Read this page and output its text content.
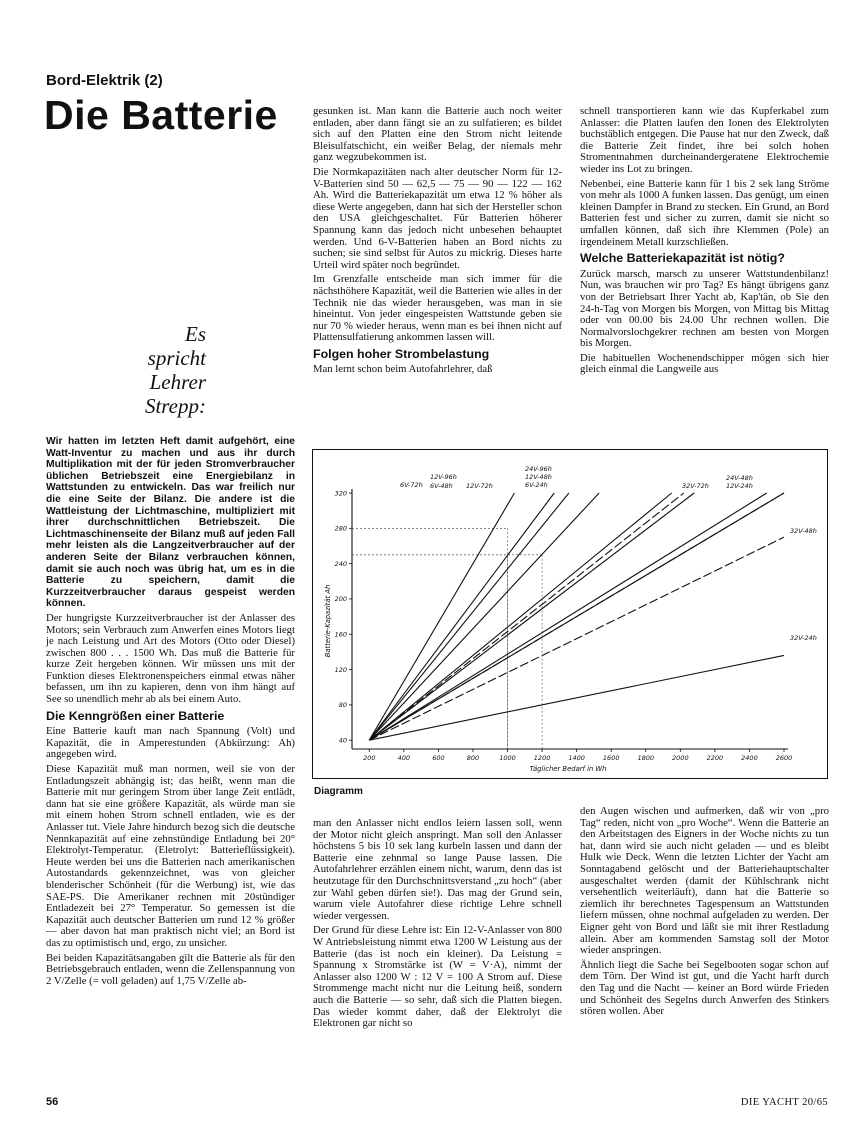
Bord-Elektrik (2)
Die Batterie
Es
spricht
Lehrer
Strepp:

Wir hatten im letzten Heft damit aufgehört, eine Watt-Inventur zu machen und aus ihr durch Multiplikation mit der für jeden Stromverbraucher üblichen Betriebszeit eine Energiebilanz in Wattstunden zu entwickeln. Das war freilich nur die eine Seite der Bilanz. Die andere ist die Wattleistung der Lichtmaschine, multipliziert mit ihrer durchschnittlichen Betriebszeit. Die Lichtmaschinenseite der Bilanz muß auf jeden Fall mehr leisten als die Langzeitverbraucher auf der anderen Seite der Bilanz verbrauchen können, damit sie auch noch was übrig hat, um es in die Batterie zu speichern, damit die Kurzzeitverbraucher daraus gespeist werden können.

Der hungrigste Kurzzeitverbraucher ist der Anlasser des Motors; sein Verbrauch zum Anwerfen eines Motors liegt je nach Leistung und Art des Motors (Otto oder Diesel) zwischen 800 . . . 1500 Wh. Das muß die Batterie für kurze Zeit hergeben können. Wir müssen uns mit der Funktion dieses Elektronenspeichers einmal etwas näher befassen, um ihn zu kapieren, denn von ihm hängt auf See so unendlich mehr ab als bei einem Auto.

Die Kenngrößen einer Batterie

Eine Batterie kauft man nach Spannung (Volt) und Kapazität, die in Amperestunden (Abkürzung: Ah) angegeben wird.

Diese Kapazität muß man normen, weil sie von der Entladungszeit abhängig ist; das heißt, wenn man die Batterie mit nur geringem Strom über lange Zeit entlädt, dann hat sie eine größere Kapazität, als würde man sie mit einem hohen Strom schnell entladen, wie es der Anlasser tut. Viele Jahre hindurch bezog sich die deutsche Nennkapazität auf eine zehnstündige Entladung bei 20° Elektrolyt-Temperatur. (Eletrolyt: Batterieflüssigkeit). Heute werden bei uns die Batterien nach amerikanischen Autostandards gekennzeichnet, was von gleicher blenderischer Schönheit (für die Werbung) ist, wie das SAE-PS. Die Amerikaner rechnen mit 20stündiger Entladezeit bei 27° Temperatur. So gemessen ist die Kapazität auch deutscher Batterien um rund 12 % größer — aber davon hat man praktisch nicht viel; an Bord ist das zu optimistisch und, ergo, zu unsicher.

Bei beiden Kapazitätsangaben gilt die Batterie als für den Betriebsgebrauch entladen, wenn die Zellenspannung von 2 V/Zelle (= voll geladen) auf 1,75 V/Zelle ab-

gesunken ist. Man kann die Batterie auch noch weiter entladen, aber dann fängt sie an zu sulfatieren; es bildet sich auf den Platten eine den Strom nicht leitende Bleisulfatschicht, ein weißer Belag, der niemals mehr ganz wegzubekommen ist.

Die Normkapazitäten nach alter deutscher Norm für 12-V-Batterien sind 50 — 62,5 — 75 — 90 — 122 — 162 Ah. Wird die Batteriekapazität um etwa 12 % höher als diese Werte angegeben, dann hat sich der Hersteller schon den USA gleichgeschaltet. Für Batterien höherer Spannung kann das jedoch nicht unbesehen behauptet werden. Und 6-V-Batterien haben an Bord nichts zu suchen; sie sind selbst für Autos zu mickrig. Dieses harte Urteil wird später noch begründet.

Im Grenzfalle entscheide man sich immer für die nächsthöhere Kapazität, weil die Batterien wie alles in der Technik nie das wieder herausgeben, was man in sie hineintut. Von jeder eingespeisten Wattstunde geben sie nur 70 % wieder heraus, wenn man es bei ihnen nicht auf Plattensulfatierung ankommen lassen will.

Folgen hoher Strombelastung

Man lernt schon beim Autofahrlehrer, daß

schnell transportieren kann wie das Kupferkabel zum Anlasser: die Platten laufen den Ionen des Elektrolyten buchstäblich entgegen. Die Pause hat nur den Zweck, daß die Batterie Zeit findet, ihre bei solch hohen Stromentnahmen durcheinandergeratene Elektrochemie wieder ins Lot zu bringen.

Nebenbei, eine Batterie kann für 1 bis 2 sek lang Ströme von mehr als 1000 A funken lassen. Das genügt, um einen kleinen Dampfer in Brand zu stecken. Ein Grund, an Bord Batterien fest und sicher zu zurren, damit sie nicht so umfallen können, daß sich ihre Klemmen (Pole) an irgendeinem Metall kurzschließen.

Welche Batteriekapazität ist nötig?

Zurück marsch, marsch zu unserer Wattstundenbilanz! Nun, was brauchen wir pro Tag? Es hängt übrigens ganz von der Betriebsart Ihrer Yacht ab, Kap'tän, ob Sie den 24-h-Tag von Morgen bis Morgen, von Mittag bis Mittag oder von 00.00 bis 24.00 Uhr rechnen wollen. Die Normalvorslochgekrer rechnen am besten von Morgen bis Morgen.

Die habituellen Wochenendschipper mögen sich hier gleich einmal die Langweile aus

40
80
120
160
200
240
280
320
200	400	600	800	1000	1200	1400	1600	1800	2000	2200	2400	2600
Täglicher Bedarf in Wh
Batterie-Kapazität Ah
6V-72h
12V-96h
6V-48h 12V-72h
24V-96h
12V-48h
6V-24h	32V-72h
24V-48h
12V-24h
32V-48h
32V-24h
Diagramm

man den Anlasser nicht endlos leiern lassen soll, wenn der Motor nicht gleich anspringt. Man soll den Anlasser höchstens 5 bis 10 sek lang kurbeln lassen und dann der Batterie eine zehnmal so lange Pause lassen. Die Autofahrlehrer erzählen einem nicht, warum, denn das ist heutzutage für den Durchschnittsverstand „zu hoch“ (aber zur Wahl geben dürfen sie!). Das mag der Grund sein, warum viele Autofahrer diese richtige Lehre schnell wieder vergessen.

Der Grund für diese Lehre ist: Ein 12-V-Anlasser von 800 W Antriebsleistung nimmt etwa 1200 W Leistung aus der Batterie (das ist noch ein kleiner). Da Leistung = Spannung x Stromstärke ist (W = V·A), nimmt der Anlasser also 1200 W : 12 V = 100 A Strom auf. Diese Strommenge macht nicht nur die Leitung heiß, sondern auch die Batterie — so sehr, daß sich die Platten biegen. Das wieder kommt daher, daß der Elektrolyt die Elektronen gar nicht so

den Augen wischen und aufmerken, daß wir von „pro Tag“ reden, nicht von „pro Woche“. Wenn die Batterie an den Arbeitstagen des Eigners in der Woche nichts zu tun hat, dann wird sie auch nicht geladen — und es bleibt Hulk wie Deck. Wenn die letzten Lichter der Yacht am Sonntagabend gelöscht und der Batteriehauptschalter ausgeschaltet werden (damit der Kühlschrank nicht versehentlich weiterläuft), dann hat die Batterie so ziemlich ihr berechnetes Tagespensum an Wattstunden liefern müssen, ohne nochmal aufgeladen zu werden. Der Eigner geht von Bord und läßt sie mit ihrer Restladung allein. Aber am kommenden Samstag soll der Motor wieder anspringen.

Ähnlich liegt die Sache bei Segelbooten sogar schon auf dem Törn. Der Wind ist gut, und die Yacht harft durch den Tag und die Nacht — keiner an Bord würde Frieden und Schönheit des Segelns durch Anwerfen des Stinkers stören wollen. Aber

56	DIE YACHT 20/65
